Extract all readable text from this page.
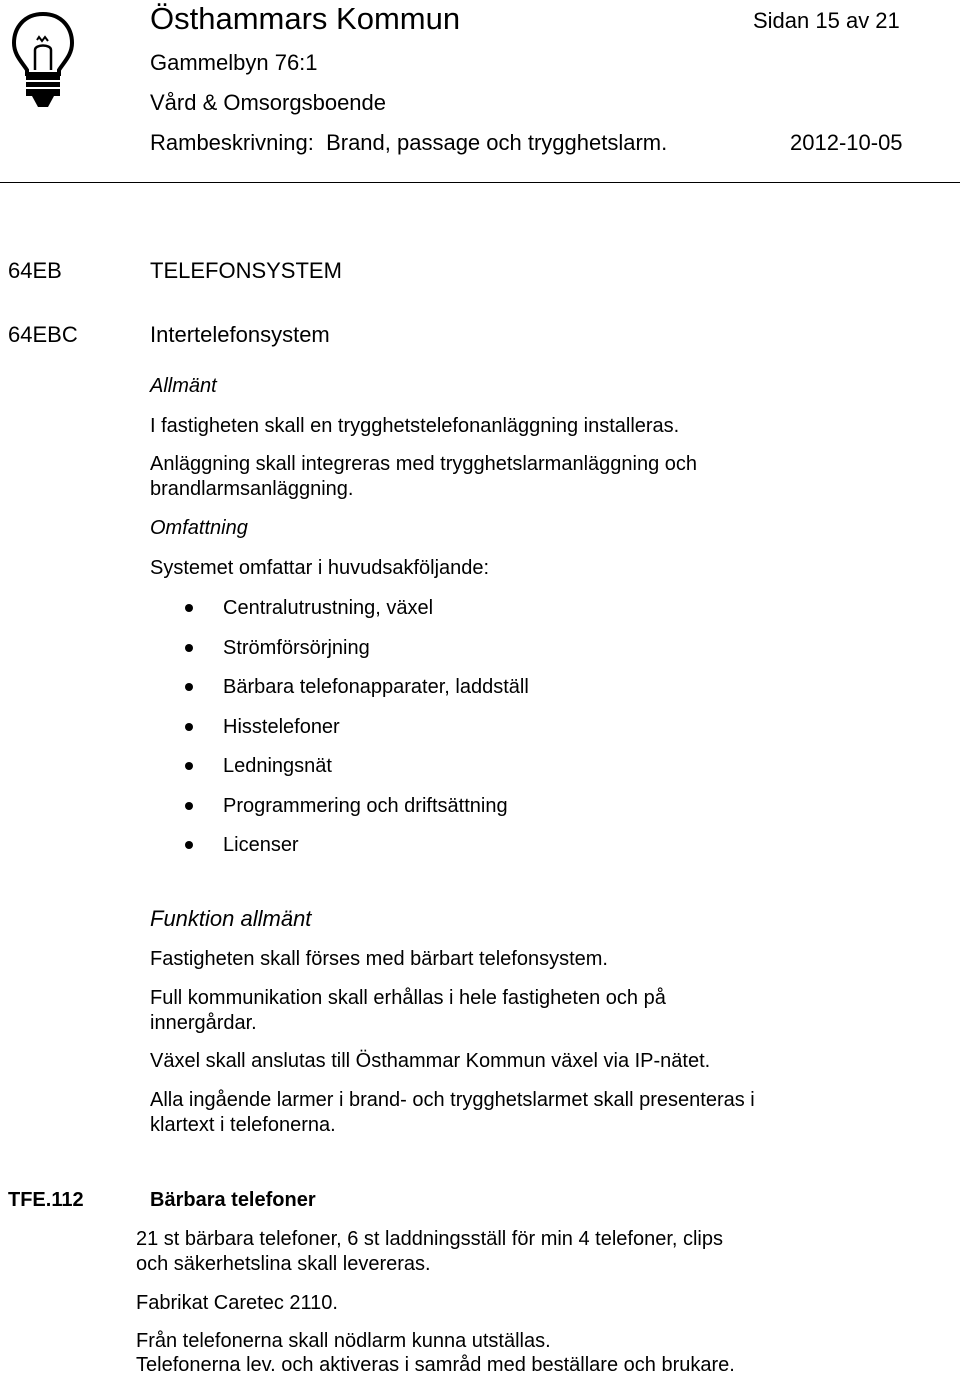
Östhammars Kommun	Sidan 15 av 21
Gammelbyn 76:1
Vård & Omsorgsboende
Rambeskrivning:  Brand, passage och trygghetslarm.	2012-10-05
64EB	TELEFONSYSTEM
64EBC	Intertelefonsystem
Allmänt
I fastigheten skall en trygghetstelefonanläggning installeras.
Anläggning skall integreras med trygghetslarmanläggning och
brandlarmsanläggning.
Omfattning
Systemet omfattar i huvudsakföljande:
Centralutrustning, växel
Strömförsörjning
Bärbara telefonapparater, laddställ
Hisstelefoner
Ledningsnät
Programmering och driftsättning
Licenser
Funktion allmänt
Fastigheten skall förses med bärbart telefonsystem.
Full kommunikation skall erhållas i hele fastigheten och på
innergårdar.
Växel skall anslutas till Östhammar Kommun växel via IP-nätet.
Alla ingående larmer i brand- och trygghetslarmet skall presenteras i
klartext i telefonerna.
TFE.112	Bärbara telefoner
21 st bärbara telefoner, 6 st laddningsställ för min 4 telefoner, clips
och säkerhetslina skall levereras.
Fabrikat Caretec 2110.
Från telefonerna skall nödlarm kunna utställas.
Telefonerna lev. och aktiveras i samråd med beställare och brukare.
